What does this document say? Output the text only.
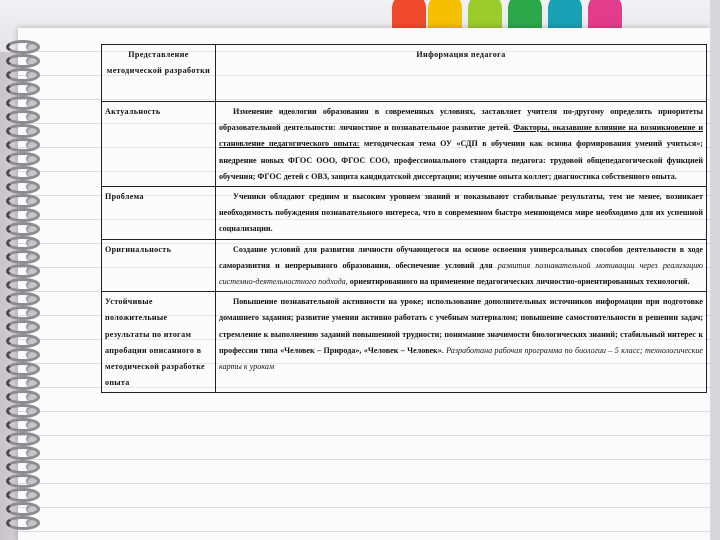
Представление методической разработки	Информация педагога
Актуальность	Изменение идеологии образования в современных условиях, заставляет учителя по-другому определить приоритеты образовательной деятельности: личностное и познавательное развитие детей. Факторы, оказавшие влияние на возникновение и становление педагогического опыта: методическая тема ОУ «СДП в обучении как основа формирования умений учиться»; внедрение новых ФГОС ООО, ФГОС СОО, профессионального стандарта педагога: трудовой общепедагогической функцией обучения; ФГОС детей с ОВЗ, защита кандидатской диссертации; изучение опыта коллег; диагностика собственного опыта.

Проблема	Ученики обладают средним и высоким уровнем знаний и показывают стабильные результаты, тем не менее, возникает необходимость побуждения познавательного интереса, что в современном быстро меняющемся мире необходимо для их успешной социализации.

Оригинальность	Создание условий для развития личности обучающегося на основе освоения универсальных способов деятельности в ходе саморазвития и непрерывного образования, обеспечение условий для развития познавательной мотивации через реализацию системно-деятельностного подхода, ориентированного на применение педагогических личностно-ориентированных технологий.

Устойчивые положительные результаты по итогам апробации описанного в методической разработке опыта	Повышение познавательной активности на уроке; использование дополнительных источников информации при подготовке домашнего задания; развитие умения активно работать с учебным материалом; повышение самостоятельности в решении задач; стремление к выполнению заданий повышенной трудности; понимание значимости биологических знаний; стабильный интерес к профессии типа «Человек – Природа», «Человек – Человек». Разработана рабочая программа по биологии – 5 класс; технологические карты к урокам
